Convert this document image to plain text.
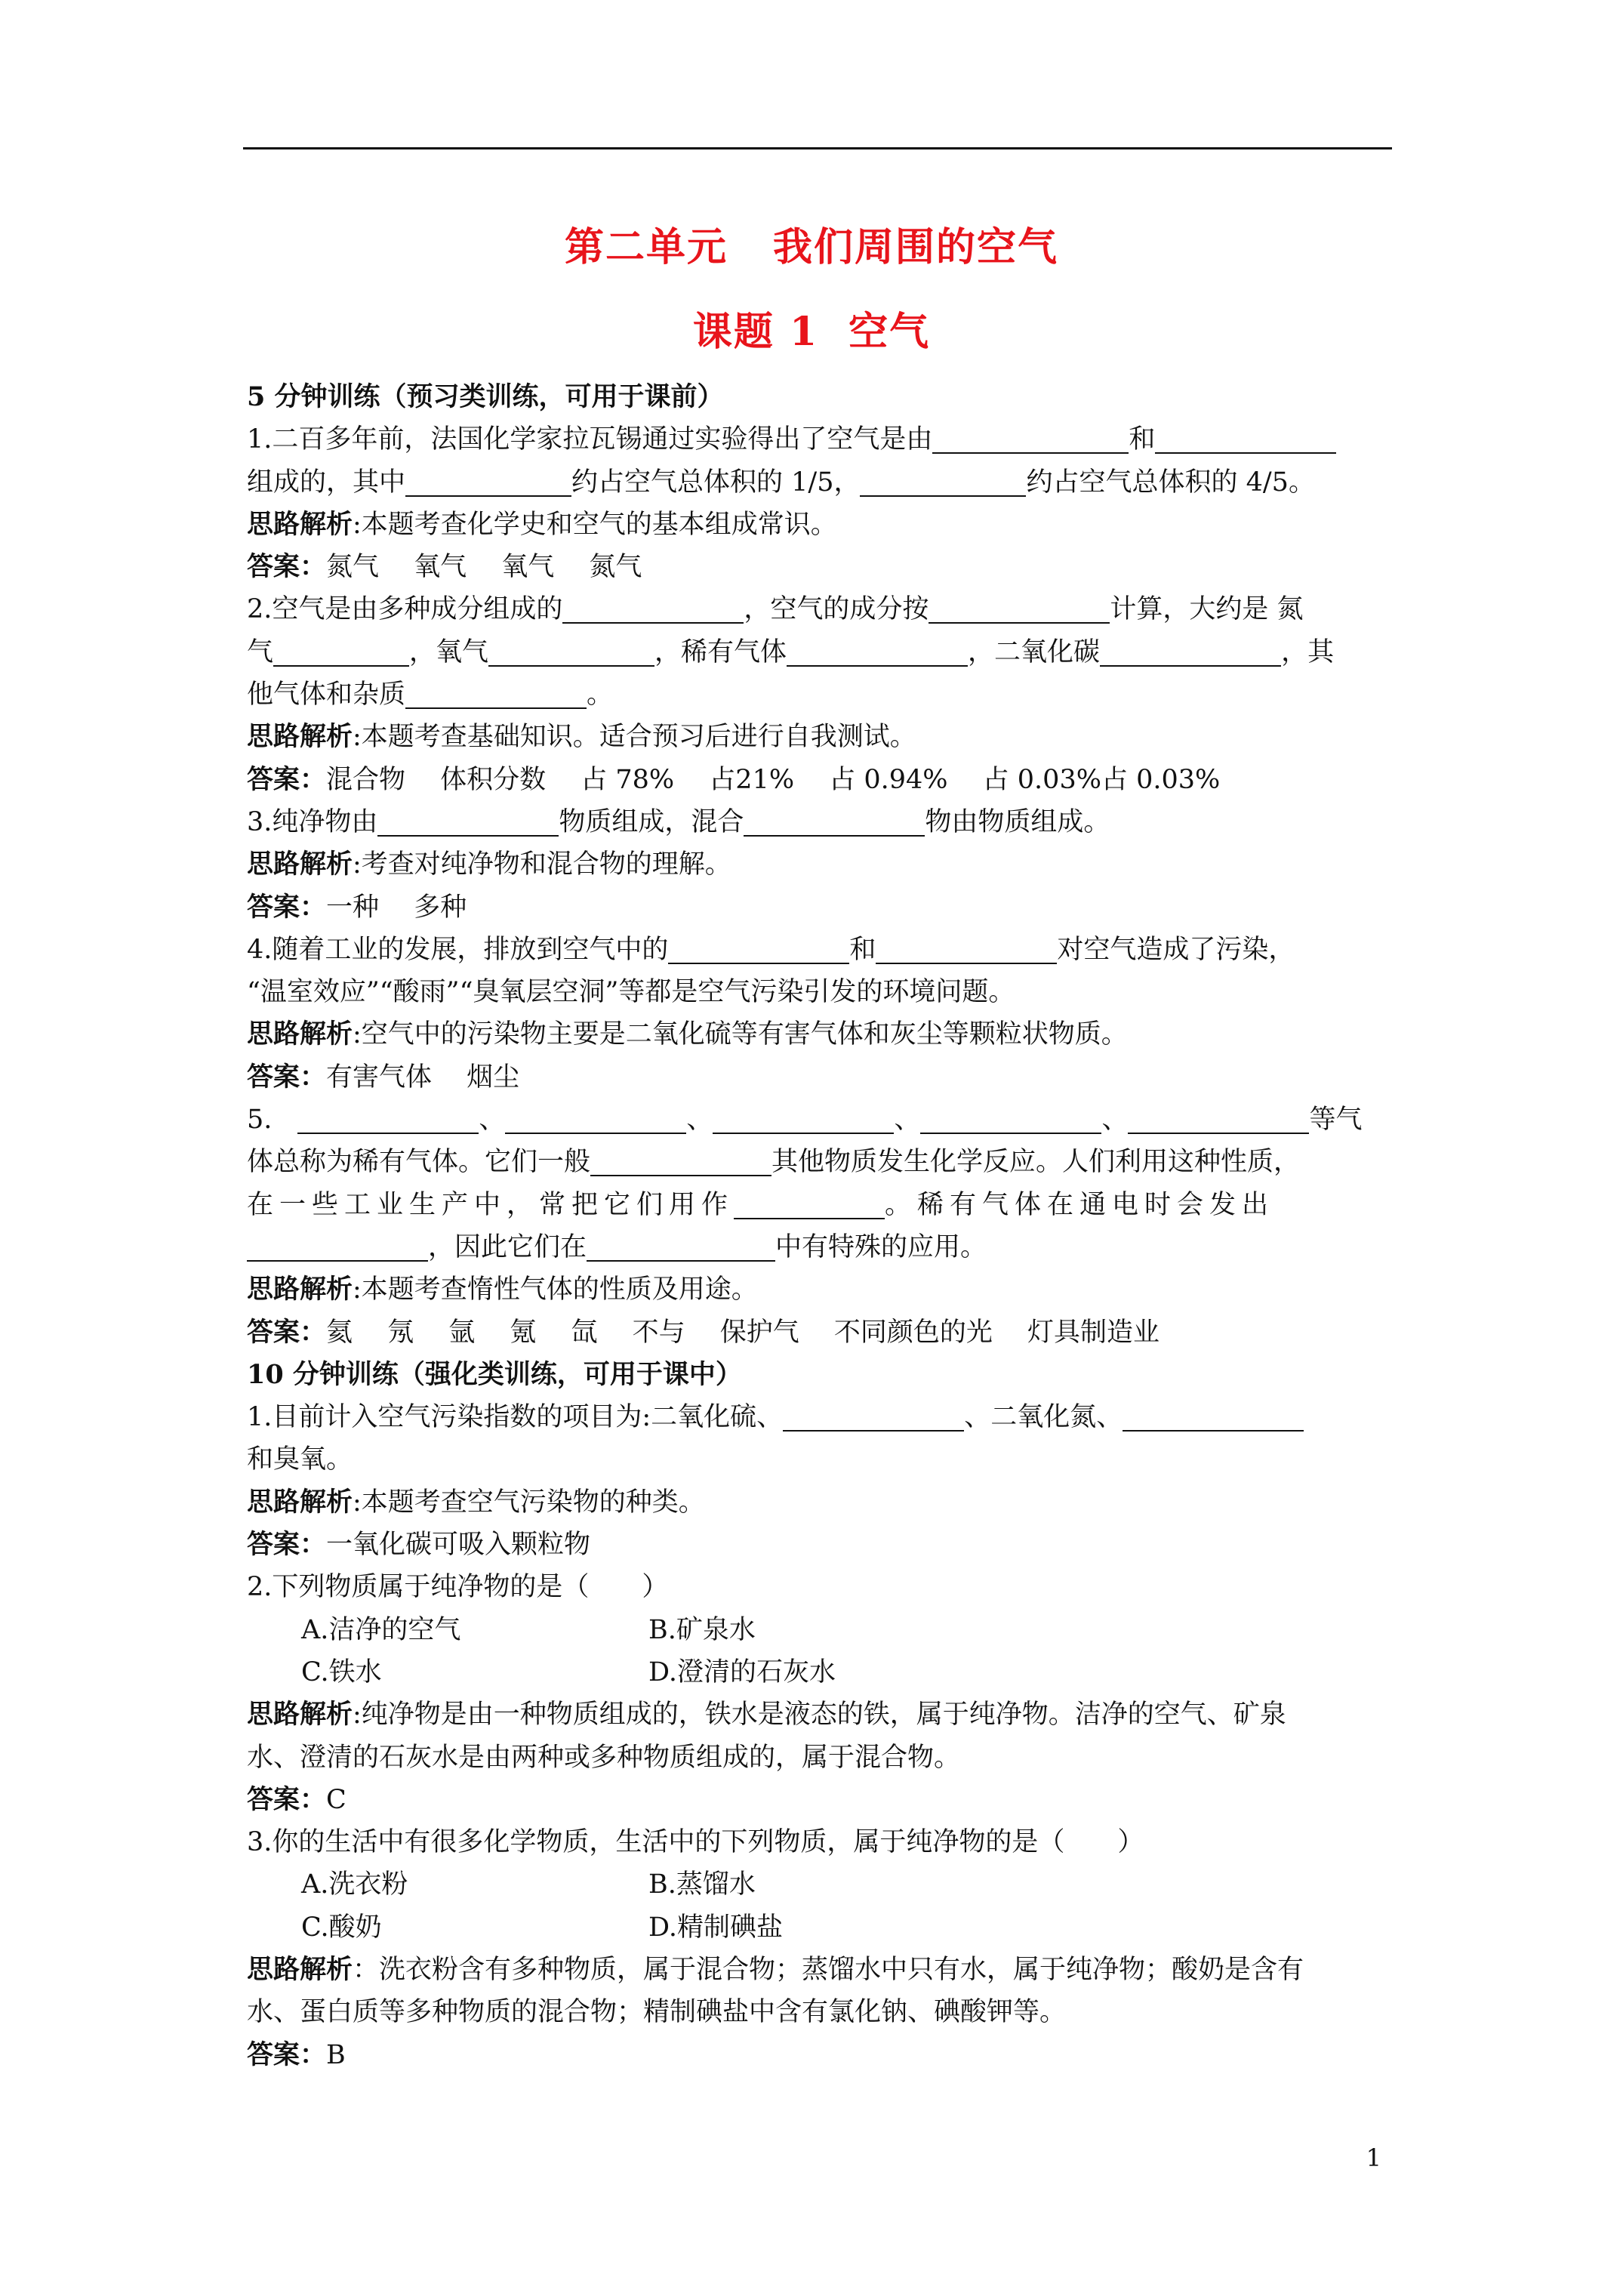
第二单元 我们周围的空气
课题 1 空气
5 分钟训练（预习类训练，可用于课前）
1.二百多年前，法国化学家拉瓦锡通过实验得出了空气是由	和
组成的，其中	约占空气总体积的 1/5，	约占空气总体积的 4/5。
思路解析:本题考查化学史和空气的基本组成常识。
答案：氮气　 氧气　 氧气　 氮气
2.空气是由多种成分组成的	，空气的成分按	计算，大约是 氮
气	，氧气	，稀有气体	，二氧化碳	，其
他气体和杂质	。
思路解析:本题考查基础知识。适合预习后进行自我测试。
答案：混合物　 体积分数　 占 78%　 占21%　 占 0.94%　 占 0.03%占 0.03%
3.纯净物由	物质组成，混合	物由物质组成。
思路解析:考查对纯净物和混合物的理解。
答案：一种　 多种
4.随着工业的发展，排放到空气中的	和	对空气造成了污染，
“温室效应”“酸雨”“臭氧层空洞”等都是空气污染引发的环境问题。
思路解析:空气中的污染物主要是二氧化硫等有害气体和灰尘等颗粒状物质。
答案：有害气体　 烟尘
5.	、	、	、	、	等气
体总称为稀有气体。它们一般	其他物质发生化学反应。人们利用这种性质，
在一些工业生产中，常把它们用作	。稀有气体在通电时会发出
，因此它们在	中有特殊的应用。
思路解析:本题考查惰性气体的性质及用途。
答案：氦　 氖　 氩　 氪　 氙　 不与　 保护气　 不同颜色的光　 灯具制造业
10 分钟训练（强化类训练，可用于课中）
1.目前计入空气污染指数的项目为:二氧化硫、	、二氧化氮、
和臭氧。
思路解析:本题考查空气污染物的种类。
答案：一氧化碳可吸入颗粒物
2.下列物质属于纯净物的是（　　）
A.洁净的空气	B.矿泉水
C.铁水	D.澄清的石灰水
思路解析:纯净物是由一种物质组成的，铁水是液态的铁，属于纯净物。洁净的空气、矿泉
水、澄清的石灰水是由两种或多种物质组成的，属于混合物。
答案：C
3.你的生活中有很多化学物质，生活中的下列物质，属于纯净物的是（　　）
A.洗衣粉	B.蒸馏水
C.酸奶	D.精制碘盐
思路解析：洗衣粉含有多种物质，属于混合物；蒸馏水中只有水，属于纯净物；酸奶是含有
水、蛋白质等多种物质的混合物；精制碘盐中含有氯化钠、碘酸钾等。
答案：B
1
